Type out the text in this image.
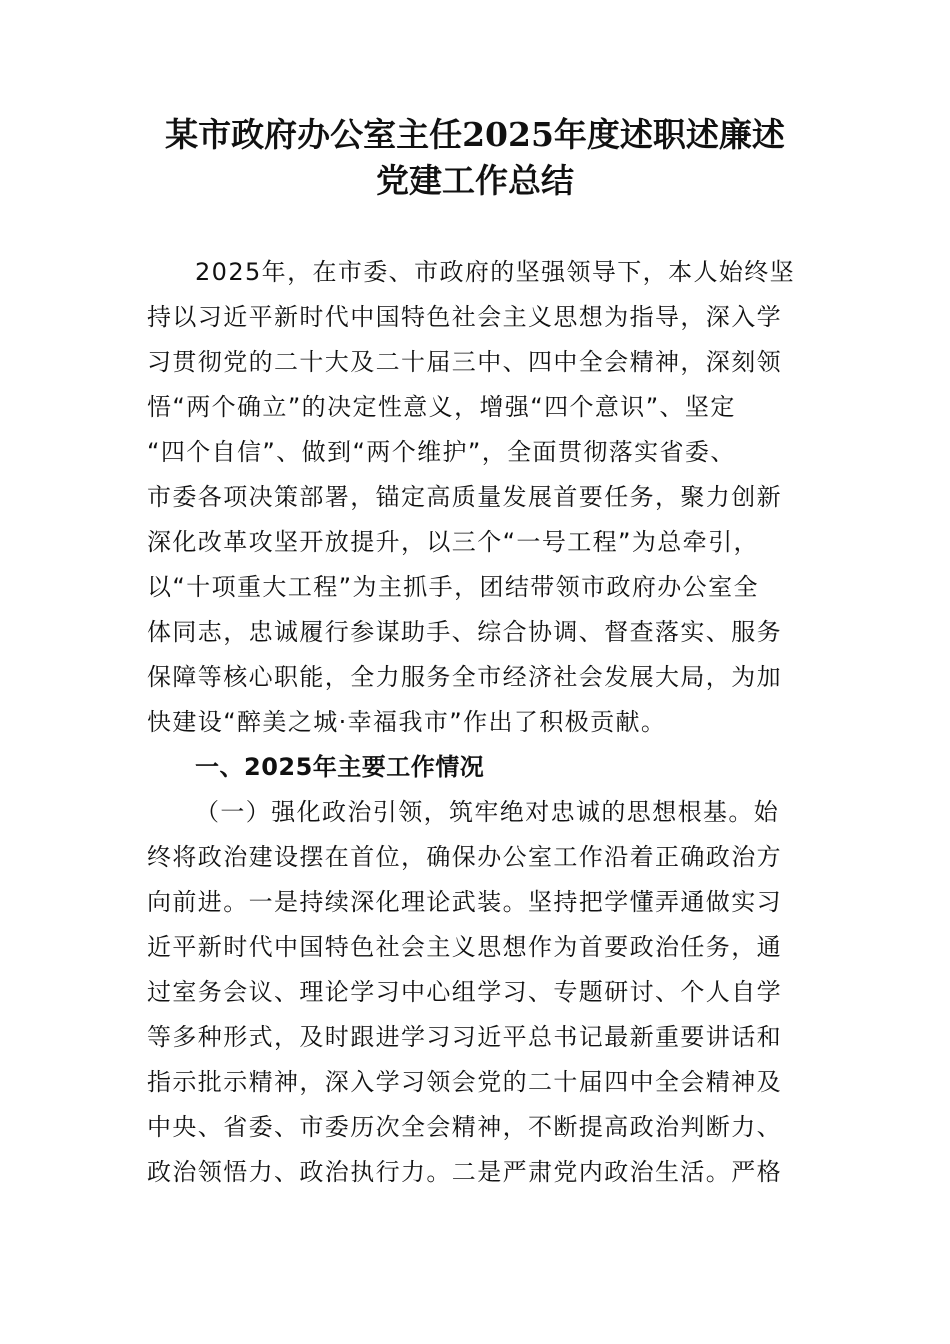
某市政府办公室主任2025年度述职述廉述
党建工作总结
2025年，在市委、市政府的坚强领导下，本人始终坚
持以习近平新时代中国特色社会主义思想为指导，深入学
习贯彻党的二十大及二十届三中、四中全会精神，深刻领
悟“两个确立”的决定性意义，增强“四个意识”、坚定
“四个自信”、做到“两个维护”，全面贯彻落实省委、
市委各项决策部署，锚定高质量发展首要任务，聚力创新
深化改革攻坚开放提升，以三个“一号工程”为总牵引，
以“十项重大工程”为主抓手，团结带领市政府办公室全
体同志，忠诚履行参谋助手、综合协调、督查落实、服务
保障等核心职能，全力服务全市经济社会发展大局，为加
快建设“醉美之城·幸福我市”作出了积极贡献。
一、2025年主要工作情况
（一）强化政治引领，筑牢绝对忠诚的思想根基。始
终将政治建设摆在首位，确保办公室工作沿着正确政治方
向前进。一是持续深化理论武装。坚持把学懂弄通做实习
近平新时代中国特色社会主义思想作为首要政治任务，通
过室务会议、理论学习中心组学习、专题研讨、个人自学
等多种形式，及时跟进学习习近平总书记最新重要讲话和
指示批示精神，深入学习领会党的二十届四中全会精神及
中央、省委、市委历次全会精神，不断提高政治判断力、
政治领悟力、政治执行力。二是严肃党内政治生活。严格
